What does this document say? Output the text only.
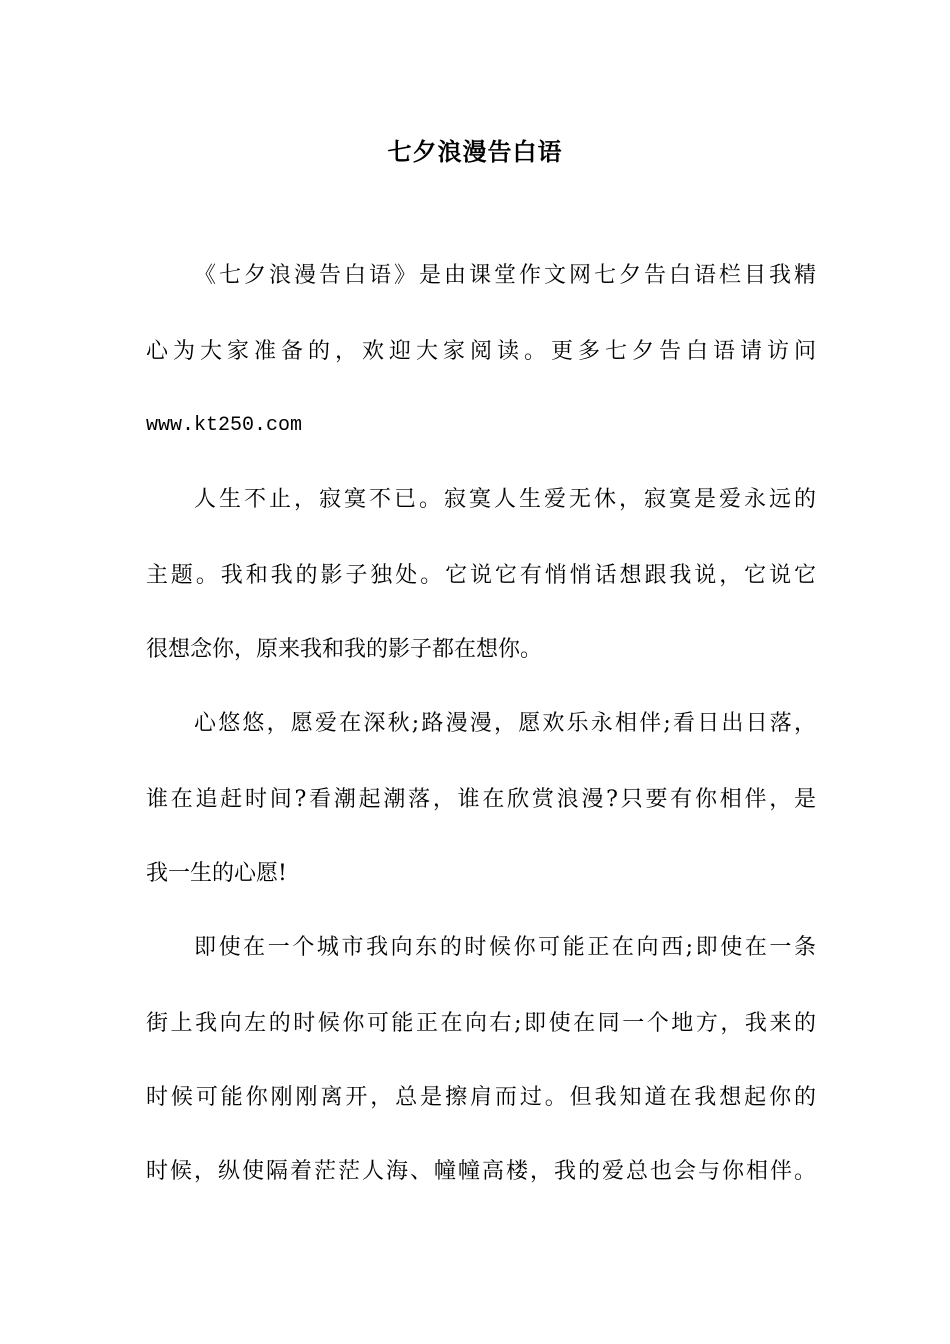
七夕浪漫告白语
《七夕浪漫告白语》是由课堂作文网七夕告白语栏目我精
心为大家准备的，欢迎大家阅读。更多七夕告白语请访问
www.kt250.com
人生不止，寂寞不已。寂寞人生爱无休，寂寞是爱永远的
主题。我和我的影子独处。它说它有悄悄话想跟我说，它说它
很想念你，原来我和我的影子都在想你。
心悠悠，愿爱在深秋;路漫漫，愿欢乐永相伴;看日出日落，
谁在追赶时间?看潮起潮落，谁在欣赏浪漫?只要有你相伴，是
我一生的心愿!
即使在一个城市我向东的时候你可能正在向西;即使在一条
街上我向左的时候你可能正在向右;即使在同一个地方，我来的
时候可能你刚刚离开，总是擦肩而过。但我知道在我想起你的
时候，纵使隔着茫茫人海、幢幢高楼，我的爱总也会与你相伴。
